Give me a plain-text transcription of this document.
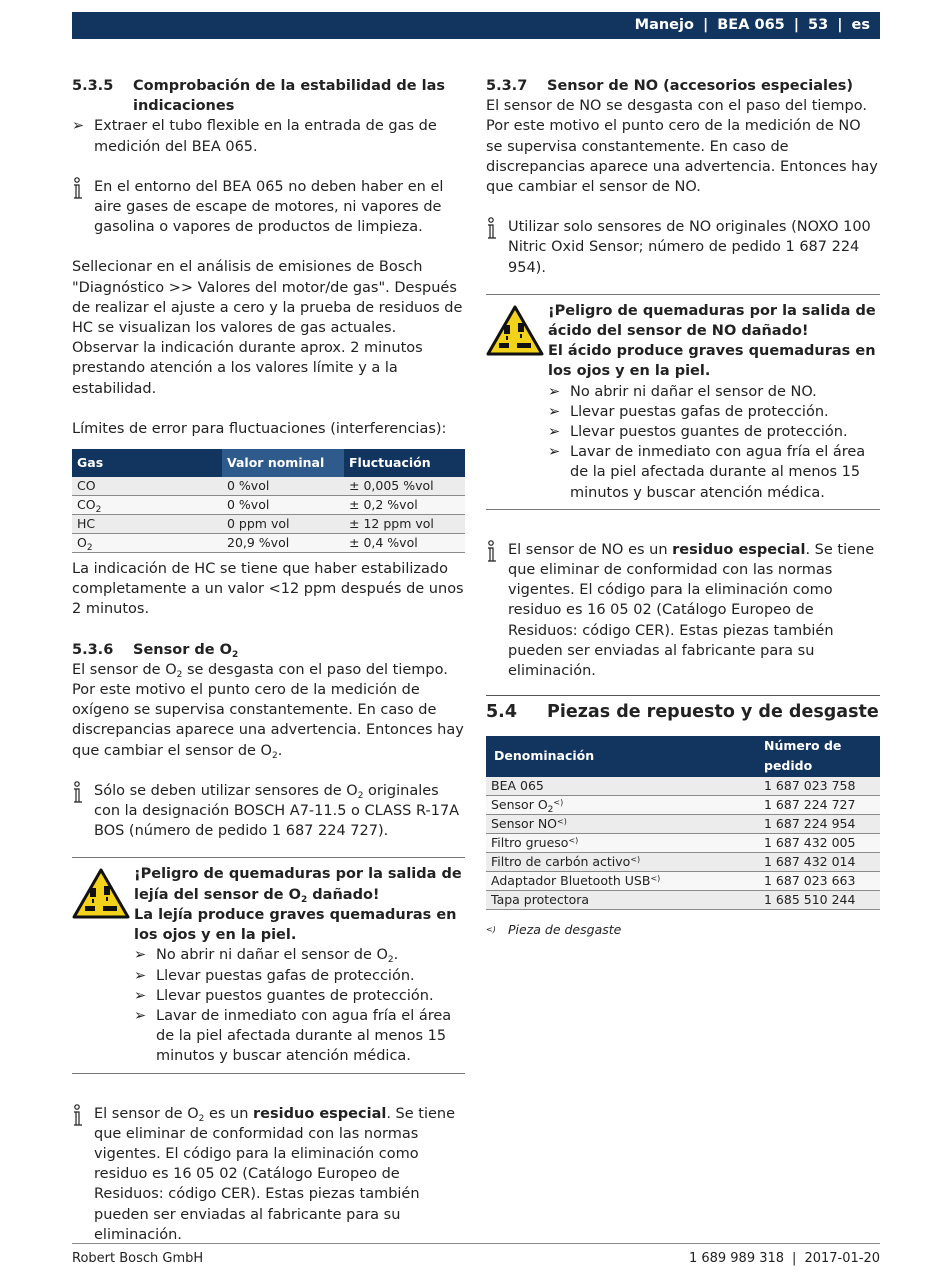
Manejo | BEA 065 | 53 | es
5.3.5	Comprobación de la estabilidad de las indicaciones
➢ Extraer el tubo flexible en la entrada de gas de medición del BEA 065.

En el entorno del BEA 065 no deben haber en el aire gases de escape de motores, ni vapores de gasolina o vapores de productos de limpieza.

Sellecionar en el análisis de emisiones de Bosch "Diagnóstico >> Valores del motor/de gas". Después de realizar el ajuste a cero y la prueba de residuos de HC se visualizan los valores de gas actuales.

Observar la indicación durante aprox. 2 minutos prestando atención a los valores límite y a la estabilidad.

Límites de error para fluctuaciones (interferencias):

Gas	Valor nominal	Fluctuación
CO	0 %vol	± 0,005 %vol
$CO_2$	0 %vol	± 0,2 %vol
HC	0 ppm vol	± 12 ppm vol
$O_2$	20,9 %vol	± 0,4 %vol

La indicación de HC se tiene que haber estabilizado completamente a un valor <12 ppm después de unos 2 minutos.

5.3.6	Sensor de $O_2$

El sensor de $O_2$ se desgasta con el paso del tiempo. Por este motivo el punto cero de la medición de oxígeno se supervisa constantemente. En caso de discrepancias aparece una advertencia. Entonces hay que cambiar el sensor de $O_2$.

Sólo se deben utilizar sensores de $O_2$ originales con la designación BOSCH A7-11.5 o CLASS R-17A BOS (número de pedido 1 687 224 727).

¡Peligro de quemaduras por la salida de lejía del sensor de $O_2$ dañado!

La lejía produce graves quemaduras en los ojos y en la piel.

➢ No abrir ni dañar el sensor de $O_2$.
➢ Llevar puestas gafas de protección.
➢ Llevar puestos guantes de protección.
➢ Lavar de inmediato con agua fría el área de la piel afectada durante al menos 15 minutos y buscar atención médica.

El sensor de $O_2$ es un residuo especial. Se tiene que eliminar de conformidad con las normas vigentes. El código para la eliminación como residuo es 16 05 02 (Catálogo Europeo de Residuos: código CER). Estas piezas también pueden ser enviadas al fabricante para su eliminación.

5.3.7	Sensor de NO (accesorios especiales)

El sensor de NO se desgasta con el paso del tiempo. Por este motivo el punto cero de la medición de NO se supervisa constantemente. En caso de discrepancias aparece una advertencia. Entonces hay que cambiar el sensor de NO.

Utilizar solo sensores de NO originales (NOXO 100 Nitric Oxid Sensor; número de pedido 1 687 224 954).

¡Peligro de quemaduras por la salida de ácido del sensor de NO dañado!

El ácido produce graves quemaduras en los ojos y en la piel.

➢ No abrir ni dañar el sensor de NO.
➢ Llevar puestas gafas de protección.
➢ Llevar puestos guantes de protección.
➢ Lavar de inmediato con agua fría el área de la piel afectada durante al menos 15 minutos y buscar atención médica.

El sensor de NO es un residuo especial. Se tiene que eliminar de conformidad con las normas vigentes. El código para la eliminación como residuo es 16 05 02 (Catálogo Europeo de Residuos: código CER). Estas piezas también pueden ser enviadas al fabricante para su eliminación.

5.4	Piezas de repuesto y de desgaste
Denominación	Número de pedido
BEA 065	1 687 023 758
Sensor $O_2^{<)}$	1 687 224 727
Sensor NO<)	1 687 224 954
Filtro grueso<)	1 687 432 005
Filtro de carbón activo<)	1 687 432 014
Adaptador Bluetooth USB<)	1 687 023 663
Tapa protectora	1 685 510 244
<) Pieza de desgaste
Robert Bosch GmbH	1 689 989 318 | 2017-01-20
